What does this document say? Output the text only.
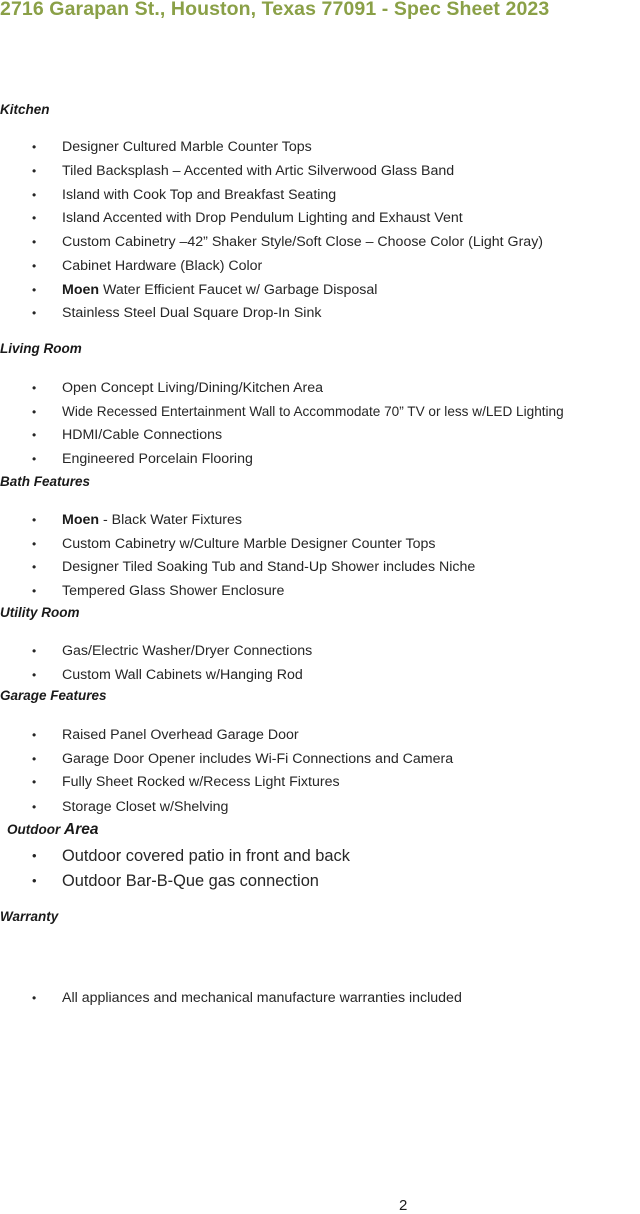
2716 Garapan St., Houston, Texas 77091 - Spec Sheet 2023
Kitchen
• Designer Cultured Marble Counter Tops
• Tiled Backsplash – Accented with Artic Silverwood Glass Band
• Island with Cook Top and Breakfast Seating
• Island Accented with Drop Pendulum Lighting and Exhaust Vent
• Custom Cabinetry –42” Shaker Style/Soft Close – Choose Color (Light Gray)
• Cabinet Hardware (Black) Color
• Moen Water Efficient Faucet w/ Garbage Disposal
• Stainless Steel Dual Square Drop-In Sink
Living Room
• Open Concept Living/Dining/Kitchen Area
• Wide Recessed Entertainment Wall to Accommodate 70” TV or less w/LED Lighting
• HDMI/Cable Connections
• Engineered Porcelain Flooring
Bath Features
• Moen - Black Water Fixtures
• Custom Cabinetry w/Culture Marble Designer Counter Tops
• Designer Tiled Soaking Tub and Stand-Up Shower includes Niche
• Tempered Glass Shower Enclosure
Utility Room
• Gas/Electric Washer/Dryer Connections
• Custom Wall Cabinets w/Hanging Rod
Garage Features
• Raised Panel Overhead Garage Door
• Garage Door Opener includes Wi-Fi Connections and Camera
• Fully Sheet Rocked w/Recess Light Fixtures
• Storage Closet w/Shelving
Outdoor Area
• Outdoor covered patio in front and back
• Outdoor Bar-B-Que gas connection
Warranty
• All appliances and mechanical manufacture warranties included
2
